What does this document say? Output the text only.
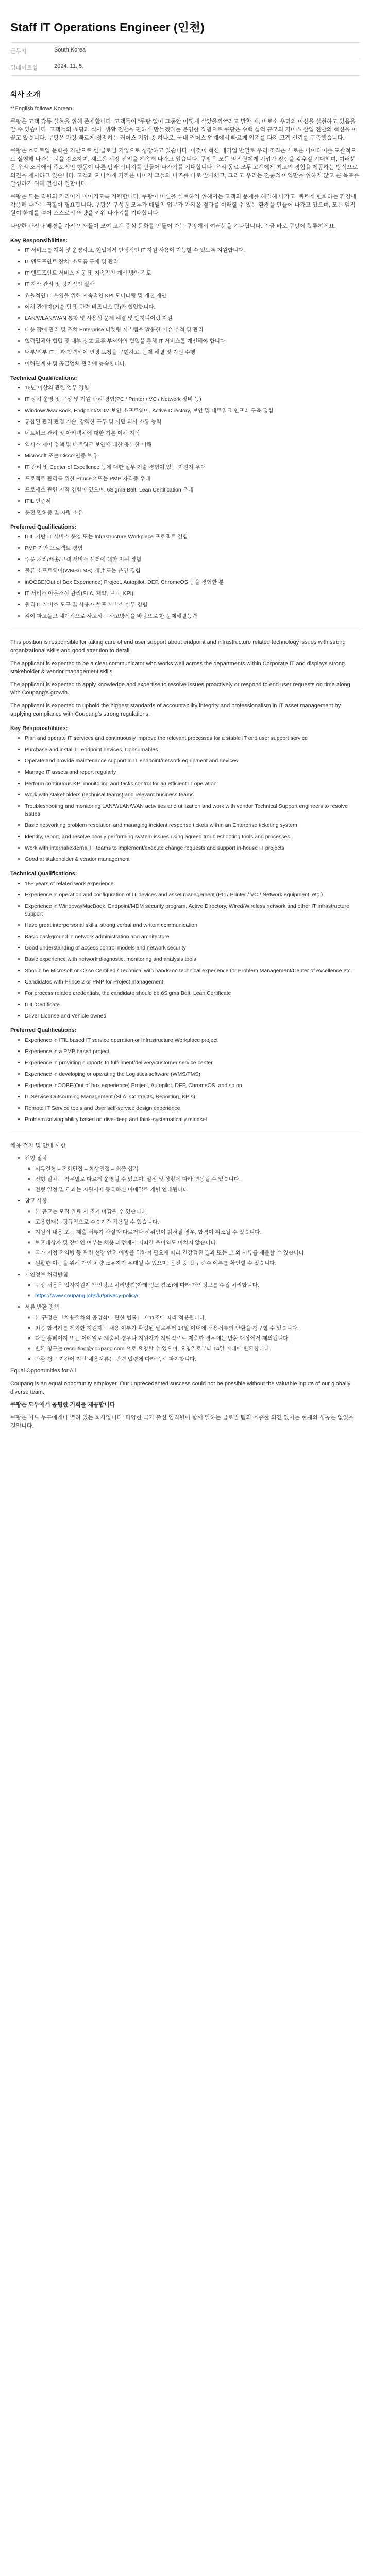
Staff IT Operations Engineer (인천)
근무지	South Korea
업데이트일	2024. 11. 5.
회사 소개

**English follows Korean.

쿠팡은 고객 감동 실현을 위해 존재합니다. 고객들이 "쿠팡 없이 그동안 어떻게 살았을까?"라고 말할 때, 비로소 우리의 미션을 실현하고 있음을 알 수 있습니다. 고객들의 쇼핑과 식사, 생활 전반을 편하게 만들겠다는 분명한 집념으로 쿠팡은 수백 십억 규모의 커머스 산업 전반의 혁신을 이끌고 있습니다. 쿠팡은 가장 빠르게 성장하는 커머스 기업 중 하나로, 국내 커머스 업계에서 빠르게 입지를 다져 고객 신뢰를 구축했습니다.

쿠팡은 스타트업 문화를 기반으로 한 글로벌 기업으로 성장하고 있습니다. 이것이 혁신 대기업 반열로 우리 조직은 새로운 아이디어를 포괄적으로 실행해 나가는 것을 강조하며, 새로운 시장 진입을 계속해 나가고 있습니다. 쿠팡은 모든 임직원에게 기업가 정신을 갖추길 기대하며, 여러분은 우리 조직에서 주도적인 행동이 다른 팀과 시너지를 만들어 나가기를 기대합니다. 우리 동료 모두 고객에게 최고의 경험을 제공하는 방식으로 의견을 제시하고 있습니다. 고객과 지나치게 가까운 나머지 그들의 니즈를 바로 알아채고, 그리고 우리는 전통적 이익만을 위하지 않고 큰 목표를 달성하기 위해 열심히 일합니다.

쿠팡은 모든 직원의 커리어가 이어지도록 지원합니다. 쿠팡이 미션을 실현하기 위해서는 고객의 문제를 해결해 나가고, 빠르게 변화하는 환경에 적응해 나가는 역할이 필요합니다. 쿠팡은 구성원 모두가 매일의 업무가 가져올 결과를 이해할 수 있는 환경을 만들어 나가고 있으며, 모든 임직원이 한계를 넘어 스스로의 역량을 키워 나가기를 기대합니다.

다양한 관점과 배경을 가진 인재들이 모여 고객 중심 문화를 만들어 가는 쿠팡에서 여러분을 기다립니다. 지금 바로 쿠팡에 합류하세요.

Key Responsibilities:
• IT 서비스를 계획 및 운영하고, 현업에서 안정적인 IT 자원 사용이 가능할 수 있도록 지원합니다.
• IT 엔드포인트 장치, 소모품 구매 및 관리
• IT 엔드포인트 서비스 제공 및 지속적인 개선 방안 검토
• IT 자산 관리 및 정기적인 실사
• 효율적인 IT 운영을 위해 지속적인 KPI 모니터링 및 개선 제안
• 이해 관계자(기술 팀 및 관련 비즈니스 팀)와 협업합니다.
• LAN/WLAN/WAN 통합 및 사용성 문제 해결 및 엔지니어링 지원
• 대응 장애 관리 및 조치 Enterprise 티켓팅 시스템을 활용한 이슈 추적 및 관리
• 협력업체와 협업 및 내부 상호 교류 부서와의 협업을 통해 IT 서비스를 개선해야 합니다.
• 내부/외부 IT 팀과 협력하여 변경 요청을 구현하고, 문제 해결 및 지원 수행
• 이해관계자 및 공급업체 관리에 능숙합니다.
Technical Qualifications:
• 15년 이상의 관련 업무 경험
• IT 장치 운영 및 구성 및 지원 관리 경험(PC / Printer / VC / Network 장비 등)
• Windows/MacBook, Endpoint/MDM 보안 소프트웨어, Active Directory, 보안 및 네트워크 인프라 구축 경험
• 통합된 관리 관점 기술, 강력한 구두 및 서면 의사 소통 능력
• 네트워크 관리 및 아키텍처에 대한 기본 이해 지식
• 엑세스 제어 정책 및 네트워크 보안에 대한 충분한 이해
• Microsoft 또는 Cisco 인증 보유
• IT 관리 및 Center of Excellence 등에 대한 실무 기술 경험이 있는 지원자 우대
• 프로젝트 관리를 위한 Prince 2 또는 PMP 자격증 우대
• 프로세스 관련 지적 경험이 있으며, 6Sigma Belt, Lean Certification 우대
• ITIL 인증서
• 운전 면허증 및 자량 소유
Preferred Qualifications:
• ITIL 기반 IT 서비스 운영 또는 Infrastructure Workplace 프로젝트 경험
• PMP 기반 프로젝트 경험
• 주문 처리/배송/고객 서비스 센터에 대한 지원 경험
• 물류 소프트웨어(WMS/TMS) 개발 또는 운영 경험
• inOOBE(Out of Box Experience) Project, Autopilot, DEP, ChromeOS 등을 경험한 분
• IT 서비스 아웃소싱 관리(SLA, 계약, 보고, KPI)
• 원격 IT 서비스 도구 및 사용자 셀프 서비스 실무 경험
• 깊이 파고들고 체계적으로 사고하는 사고방식을 바탕으로 한 문제해결능력

This position is responsible for taking care of end user support about endpoint and infrastructure related technology issues with strong organizational skills and good attention to detail.

The applicant is expected to be a clear communicator who works well across the departments within Corporate IT and displays strong stakeholder & vendor management skills.

The applicant is expected to apply knowledge and expertise to resolve issues proactively or respond to end user requests on time along with Coupang's growth.

The applicant is expected to uphold the highest standards of accountability integrity and professionalism in IT asset management by applying compliance with Coupang's strong regulations.

Key Responsibilities:
• Plan and operate IT services and continuously improve the relevant processes for a stable IT end user support service
• Purchase and install IT endpoint devices, Consumables
• Operate and provide maintenance support in IT endpoint/network equipment and devices
• Manage IT assets and report regularly
• Perform continuous KPI monitoring and tasks control for an efficient IT operation
• Work with stakeholders (technical teams) and relevant business teams
• Troubleshooting and monitoring LAN/WLAN/WAN activities and utilization and work with vendor Technical Support engineers to resolve issues
• Basic networking problem resolution and managing incident response tickets within an Enterprise ticketing system
• Identify, report, and resolve poorly performing system issues using agreed troubleshooting tools and processes
• Work with internal/external IT teams to implement/execute change requests and support in-house IT projects
• Good at stakeholder & vendor management
Technical Qualifications:
• 15+ years of related work experience
• Experience in operation and configuration of IT devices and asset management (PC / Printer / VC / Network equipment, etc.)
• Experience in Windows/MacBook, Endpoint/MDM security program, Active Directory, Wired/Wireless network and other IT infrastructure support
• Have great interpersonal skills, strong verbal and written communication
• Basic background in network administration and architecture
• Good understanding of access control models and network security
• Basic experience with network diagnostic, monitoring and analysis tools
• Should be Microsoft or Cisco Certified / Technical with hands-on technical experience for Problem Management/Center of excellence etc.
• Candidates with Prince 2 or PMP for Project management
• For process related credentials, the candidate should be 6Sigma Belt, Lean Certificate
• ITIL Certificate
• Driver License and Vehicle owned
Preferred Qualifications:
• Experience in ITIL based IT service operation or Infrastructure Workplace project
• Experience in a PMP based project
• Experience in providing supports to fulfillment/delivery/customer service center
• Experience in developing or operating the Logistics software (WMS/TMS)
• Experience inOOBE(Out of box experience) Project, Autopilot, DEP, ChromeOS, and so on.
• IT Service Outsourcing Management (SLA, Contracts, Reporting, KPIs)
• Remote IT Service tools and User self-service design experience
• Problem solving ability based on dive-deep and think-systematically mindset

채용 절차 및 안내 사항

• 전형 절차
◦ 서류전형 – 전화면접 – 화상면접 – 최종 합격
◦ 전형 절차는 직무별로 다르게 운영될 수 있으며, 일정 및 상황에 따라 변동될 수 있습니다.
◦ 전형 일정 및 결과는 지원서에 등록하신 이메일로 개별 안내됩니다.
• 참고 사항
◦ 본 공고는 모집 완료 시 조기 마감될 수 있습니다.
◦ 고용형태는 정규직으로 수습기간 적용될 수 있습니다.
◦ 지원서 내용 또는 제출 서류가 사실과 다르거나 허위임이 밝혀질 경우, 합격이 취소될 수 있습니다.
◦ 보훈대상자 및 장애인 여부는 채용 과정에서 어떠한 불이익도 미치지 않습니다.
◦ 국가 지정 전염병 등 관련 현장 안전 예방을 위하여 필요에 따라 건강검진 결과 또는 그 외 서류를 제출할 수 있습니다.
◦ 원활한 이동을 위해 개인 차량 소유자가 우대될 수 있으며, 운전 중 법규 준수 여부를 확인할 수 있습니다.
• 개인정보 처리방침
◦ 쿠팡 채용은 입사지원자 개인정보 처리방침(아래 링크 참조)에 따라 개인정보를 수집 처리합니다.
◦ https://www.coupang.jobs/kr/privacy-policy/
• 서류 반환 정책
◦ 본 규정은 「채용절차의 공정화에 관한 법률」 제11조에 따라 적용됩니다.
◦ 최종 합격자를 제외한 지원자는 채용 여부가 확정된 날로부터 14일 이내에 채용서류의 반환을 청구할 수 있습니다.
◦ 다만 홈페이지 또는 이메일로 제출된 경우나 지원자가 자발적으로 제출한 경우에는 반환 대상에서 제외됩니다.
◦ 반환 청구는 recruiting@coupang.com 으로 요청할 수 있으며, 요청일로부터 14일 이내에 반환합니다.
◦ 반환 청구 기간이 지난 채용서류는 관련 법령에 따라 즉시 파기합니다.

Equal Opportunities for All

Coupang is an equal opportunity employer. Our unprecedented success could not be possible without the valuable inputs of our globally diverse team.

쿠팡은 모두에게 공평한 기회를 제공합니다

쿠팡은 어느 누구에게나 열려 있는 회사입니다. 다양한 국가 출신 임직원이 함께 일하는 글로벌 팀의 소중한 의견 없이는 현재의 성공은 없었을 것입니다.
